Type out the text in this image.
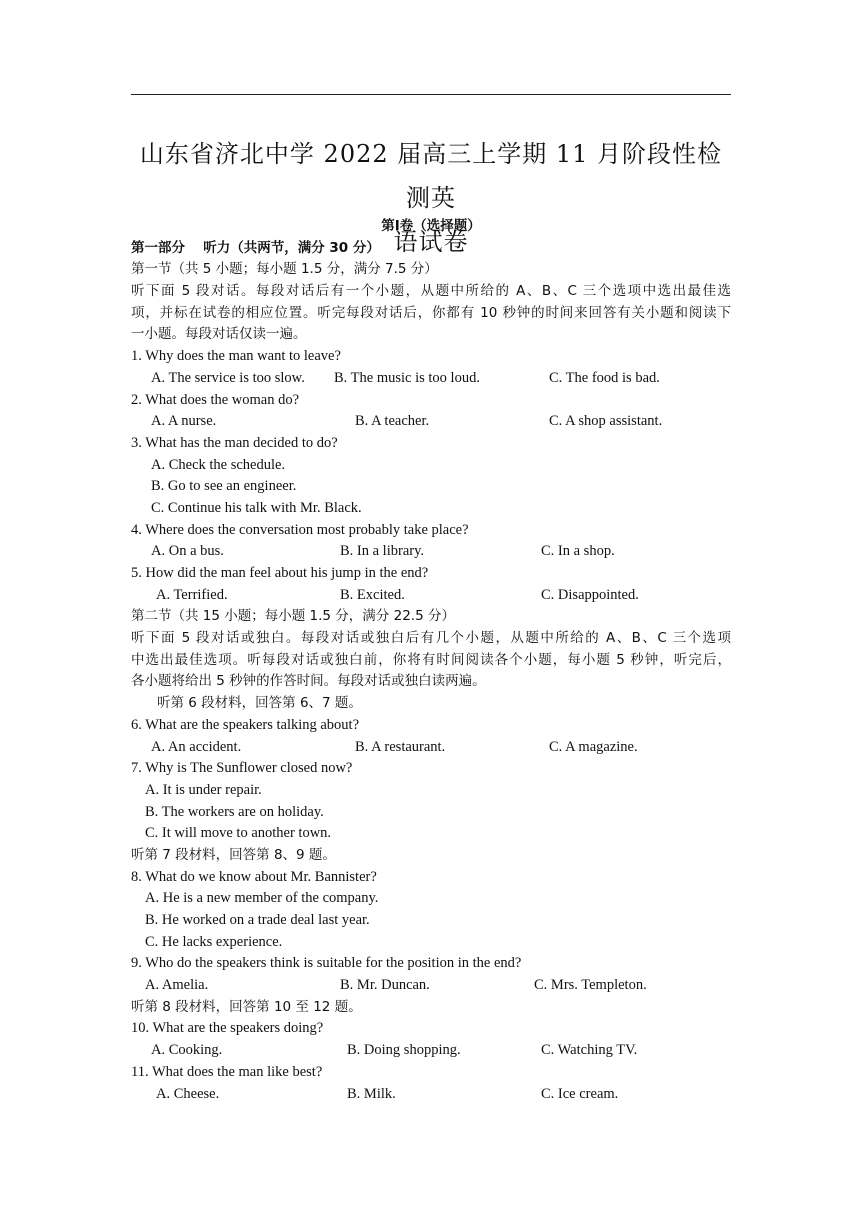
山东省济北中学 2022 届高三上学期 11 月阶段性检测英
语试卷
第Ⅰ卷（选择题）
第一部分　 听力（共两节，满分 30 分）
第一节（共 5 小题；每小题 1.5 分，满分 7.5 分）
听下面 5 段对话。每段对话后有一个小题，从题中所给的 A、B、C 三个选项中选出最佳选
项，并标在试卷的相应位置。听完每段对话后，你都有 10 秒钟的时间来回答有关小题和阅读下
一小题。每段对话仅读一遍。
1. Why does the man want to leave?
A. The service is too slow. B. The music is too loud.	C. The food is bad.
2. What does the woman do?
A. A nurse.	B. A teacher.	C. A shop assistant.
3. What has the man decided to do?
A. Check the schedule.
B. Go to see an engineer.
C. Continue his talk with Mr. Black.
4. Where does the conversation most probably take place?
A. On a bus.	B. In a library.	C. In a shop.
5. How did the man feel about his jump in the end?
A. Terrified.	B. Excited.	C. Disappointed.
第二节（共 15 小题；每小题 1.5 分，满分 22.5 分）
听下面 5 段对话或独白。每段对话或独白后有几个小题，从题中所给的 A、B、C 三个选项
中选出最佳选项。听每段对话或独白前，你将有时间阅读各个小题，每小题 5 秒钟，听完后，
各小题将给出 5 秒钟的作答时间。每段对话或独白读两遍。
听第 6 段材料，回答第 6、7 题。
6. What are the speakers talking about?
A. An accident.	B. A restaurant.	C. A magazine.
7. Why is The Sunflower closed now?
A. It is under repair.
B. The workers are on holiday.
C. It will move to another town.
听第 7 段材料，回答第 8、9 题。
8. What do we know about Mr. Bannister?
A. He is a new member of the company.
B. He worked on a trade deal last year.
C. He lacks experience.
9. Who do the speakers think is suitable for the position in the end?
A. Amelia.	B. Mr. Duncan.	C. Mrs. Templeton.
听第 8 段材料，回答第 10 至 12 题。
10. What are the speakers doing?
A. Cooking.	B. Doing shopping.	C. Watching TV.
11. What does the man like best?
A. Cheese.	B. Milk.	C. Ice cream.
